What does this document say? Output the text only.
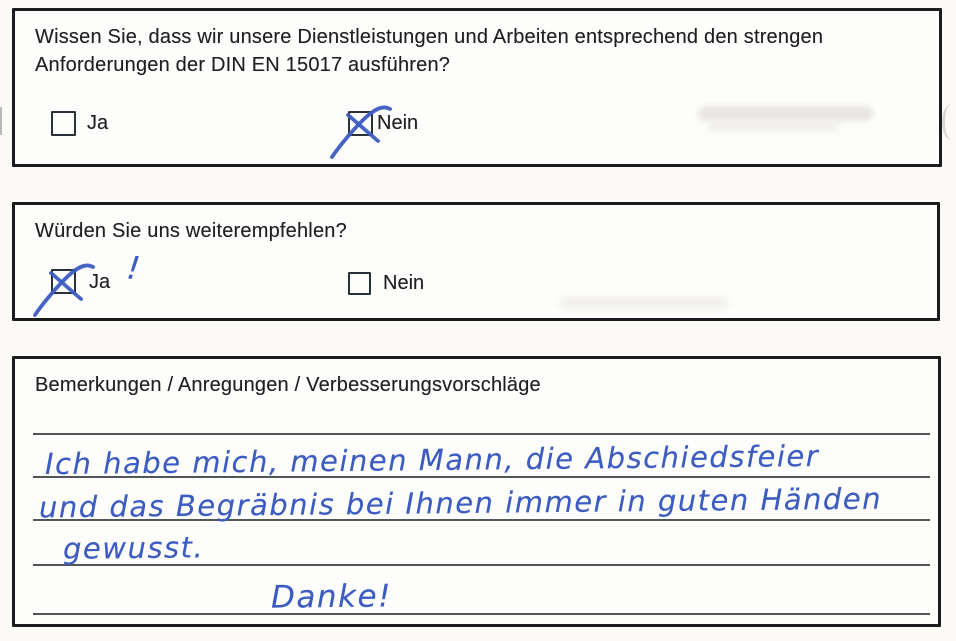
Wissen Sie, dass wir unsere Dienstleistungen und Arbeiten entsprechend den strengen Anforderungen der DIN EN 15017 ausführen?

Ja	Nein

Würden Sie uns weiterempfehlen?

Ja !	Nein

Bemerkungen / Anregungen / Verbesserungsvorschläge

Ich habe mich, meinen Mann, die Abschiedsfeier
und das Begräbnis bei Ihnen immer in guten Händen
gewusst.
Danke!
